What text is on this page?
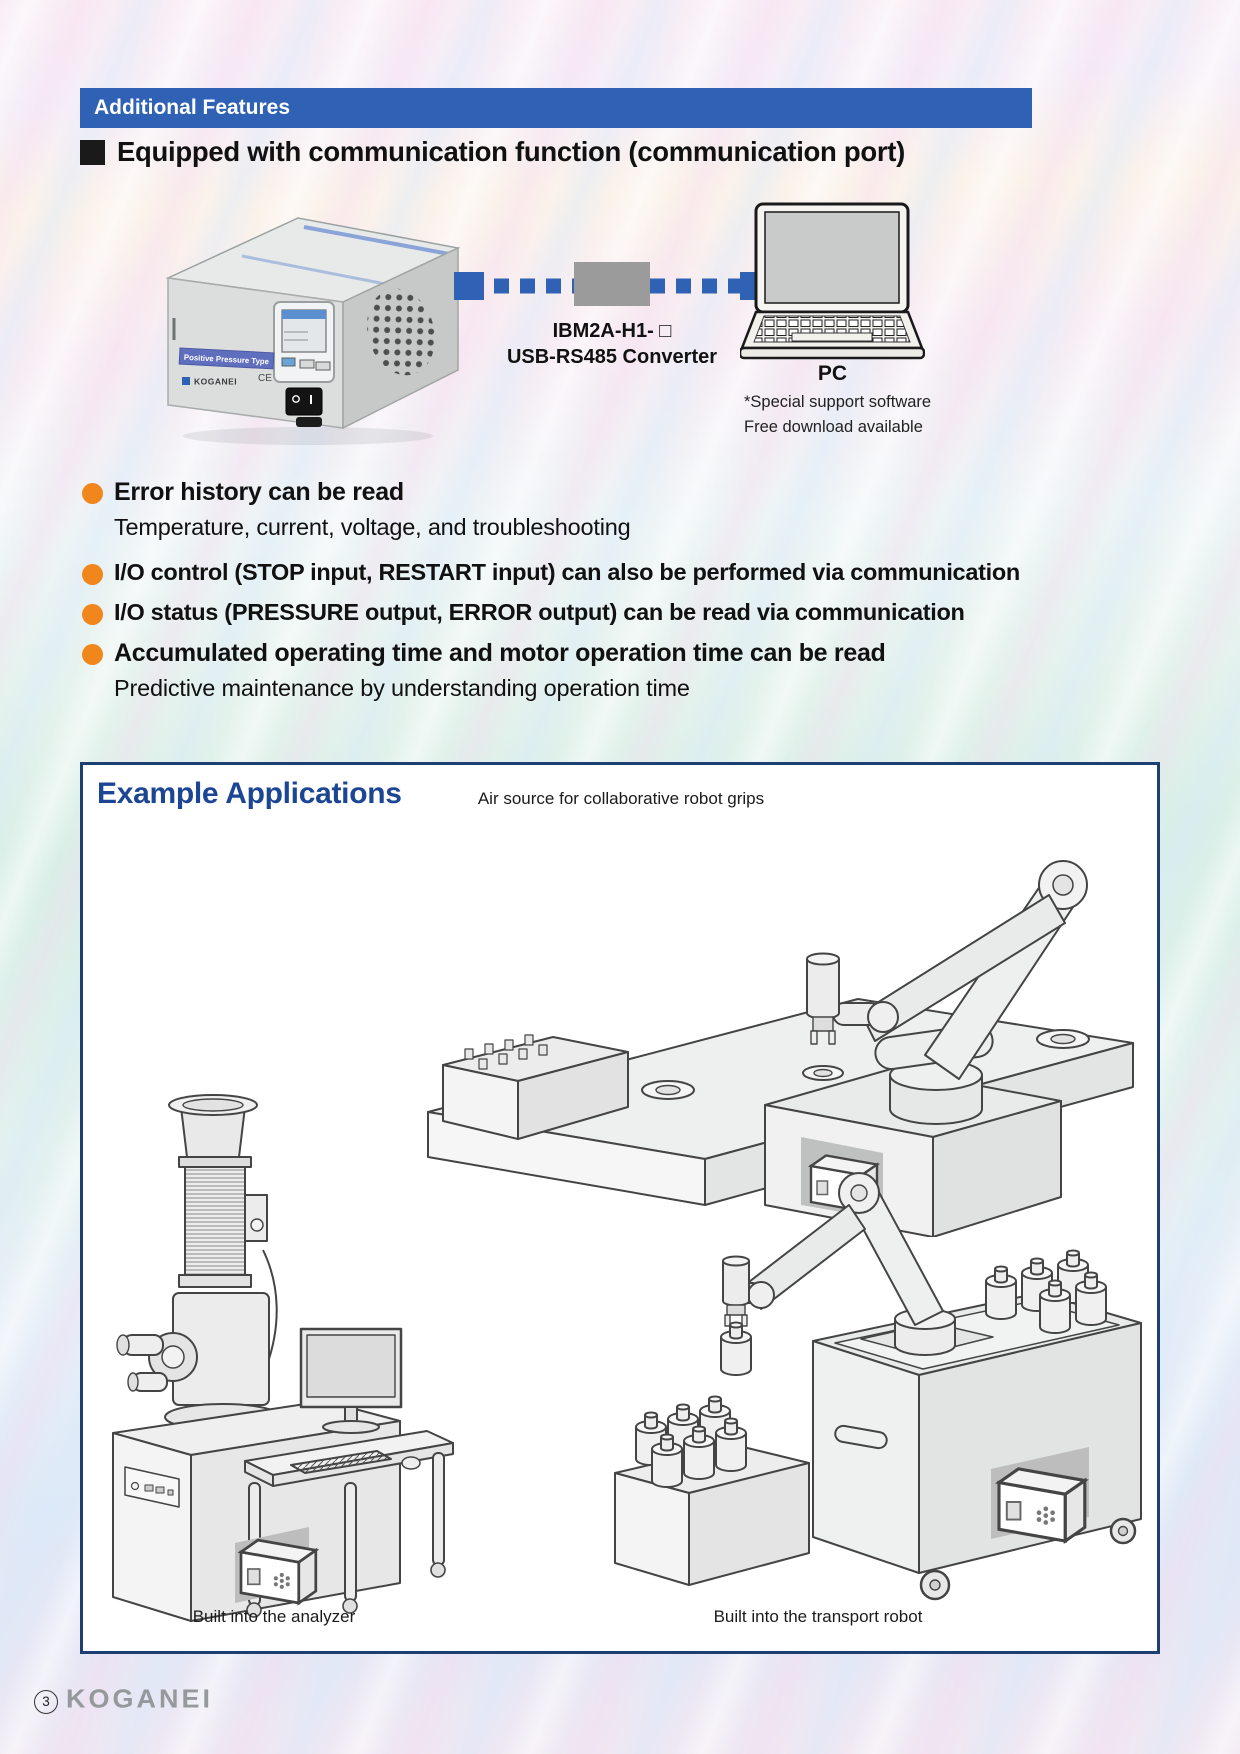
Additional Features
Equipped with communication function (communication port)
Positive Pressure Type
KOGANEI CE
IBM2A-H1- □
USB-RS485 Converter
PC
*Special support software
Free download available
Error history can be read
Temperature, current, voltage, and troubleshooting
I/O control (STOP input, RESTART input) can also be performed via communication
I/O status (PRESSURE output, ERROR output) can be read via communication
Accumulated operating time and motor operation time can be read
Predictive maintenance by understanding operation time
Example Applications	Air source for collaborative robot grips
Built into the analyzer	Built into the transport robot
3 KOGANEI
